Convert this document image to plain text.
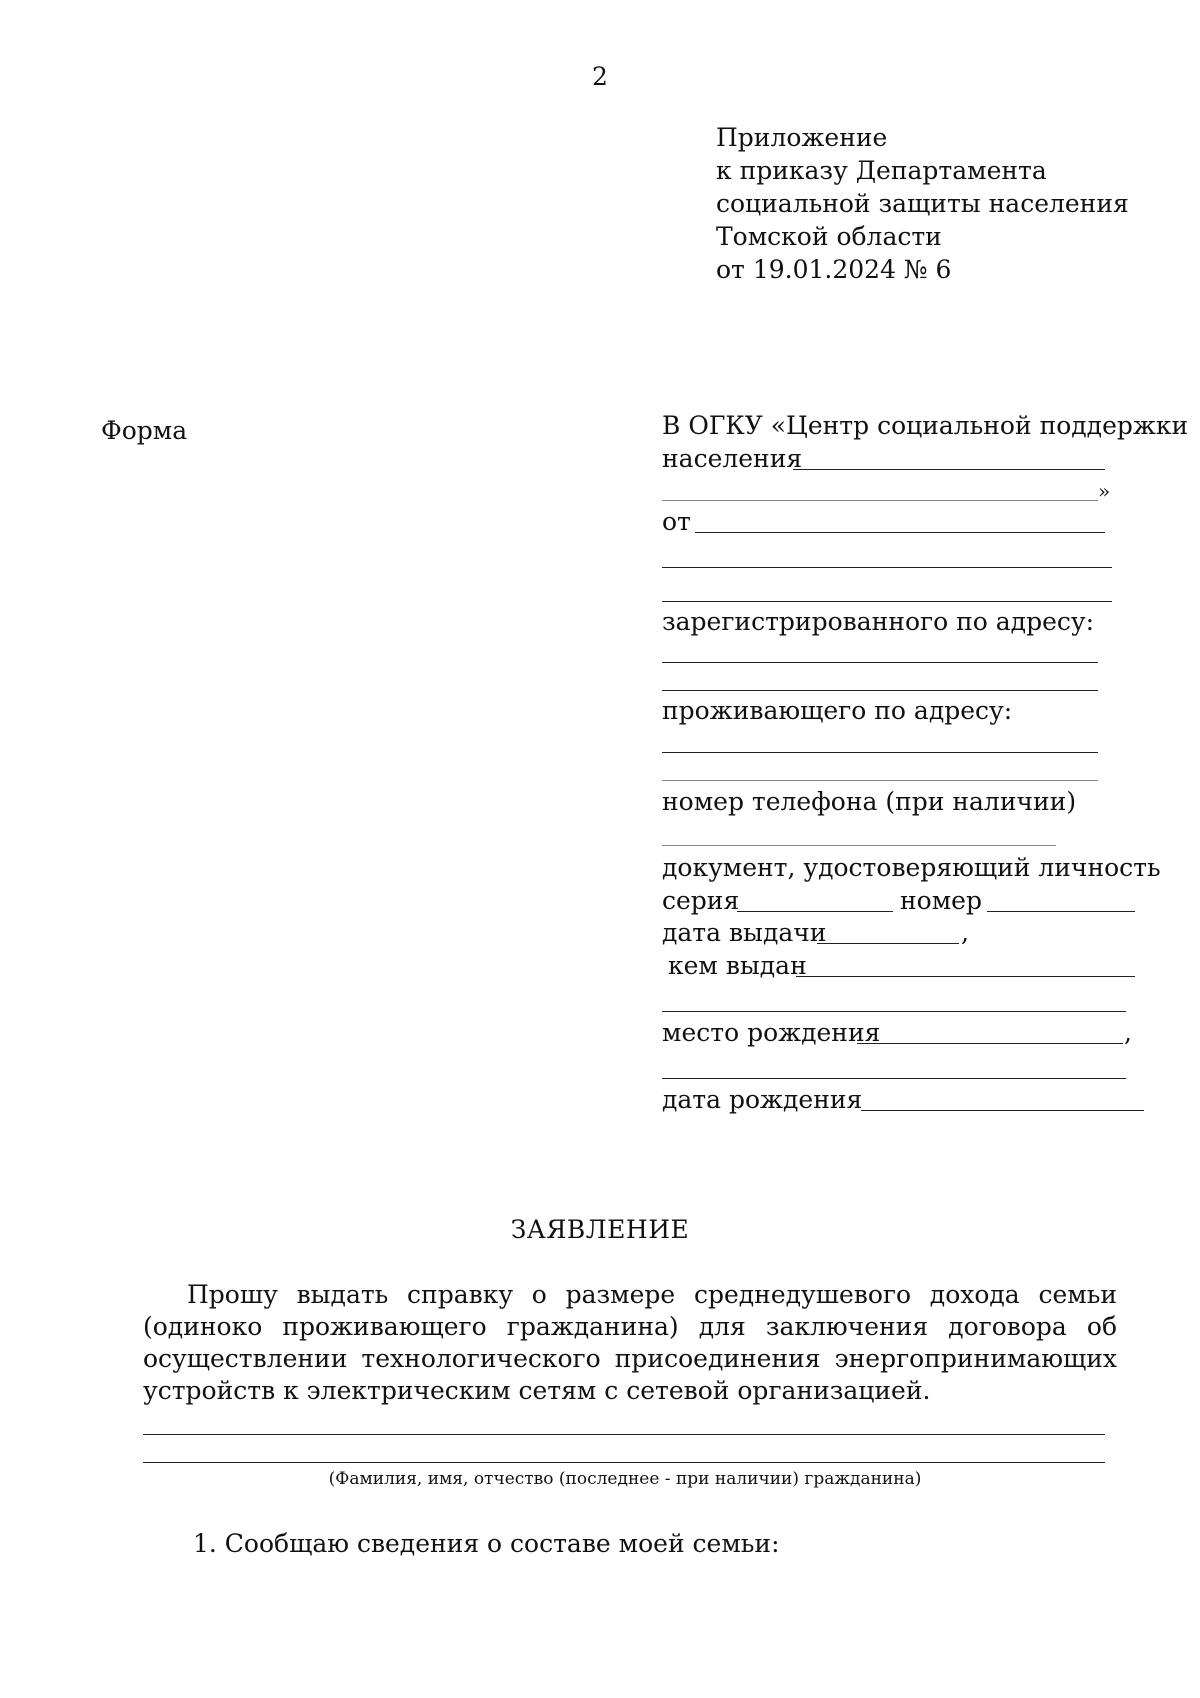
2
Приложение
к приказу Департамента
социальной защиты населения
Томской области
от 19.01.2024 № 6
Форма	В ОГКУ «Центр социальной поддержки
населения
»
от
зарегистрированного по адресу:
проживающего по адресу:
номер телефона (при наличии)
документ, удостоверяющий личность
серия	номер
дата выдачи	,
кем выдан
место рождения	,
дата рождения
ЗАЯВЛЕНИЕ
Прошу выдать справку о размере среднедушевого дохода семьи (одиноко проживающего гражданина) для заключения договора об осуществлении технологического присоединения энергопринимающих устройств к электрическим сетям с сетевой организацией.
(Фамилия, имя, отчество (последнее - при наличии) гражданина)
1. Сообщаю сведения о составе моей семьи:
